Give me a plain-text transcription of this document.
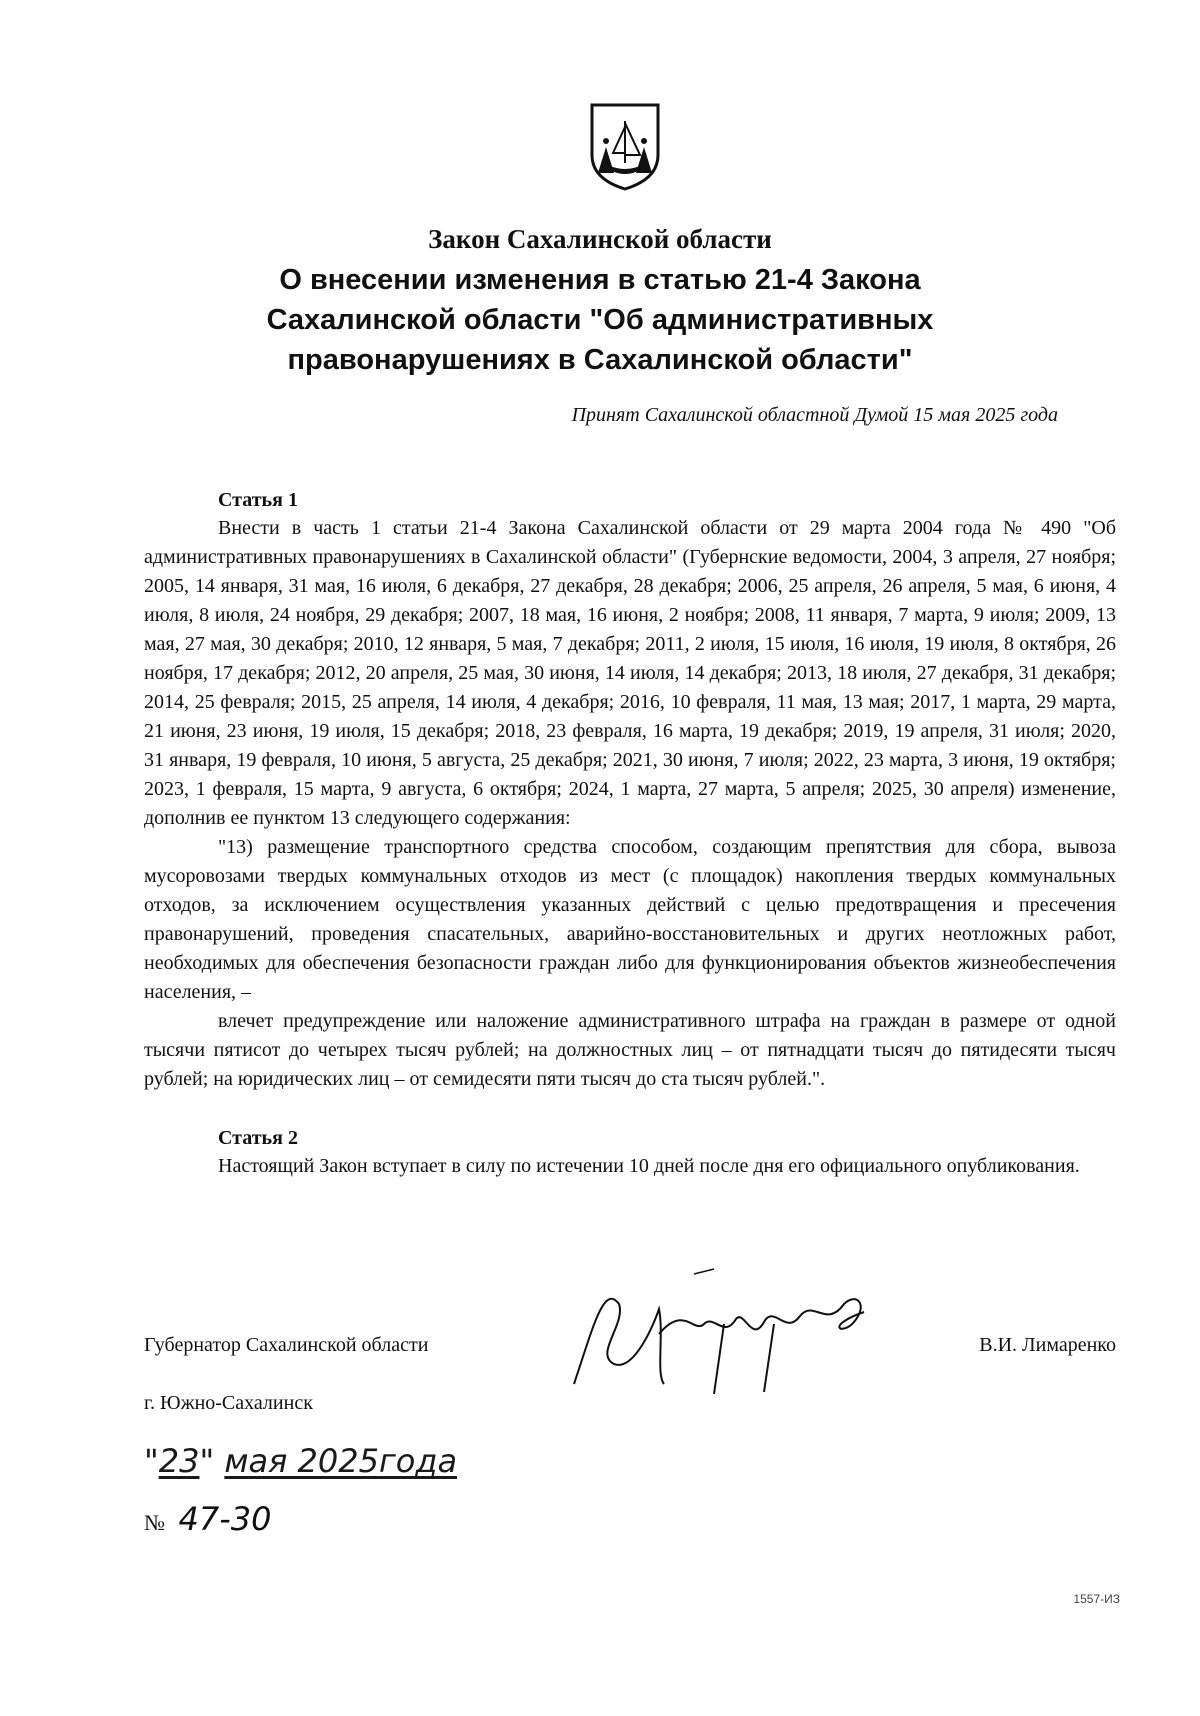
Закон Сахалинской области

О внесении изменения в статью 21-4 Закона

Сахалинской области "Об административных

правонарушениях в Сахалинской области"

Принят Сахалинской областной Думой 15 мая 2025 года

Статья 1

Внести в часть 1 статьи 21-4 Закона Сахалинской области от 29 марта 2004 года № 490 "Об административных правонарушениях в Сахалинской области" (Губернские ведомости, 2004, 3 апреля, 27 ноября; 2005, 14 января, 31 мая, 16 июля, 6 декабря, 27 декабря, 28 декабря; 2006, 25 апреля, 26 апреля, 5 мая, 6 июня, 4 июля, 8 июля, 24 ноября, 29 декабря; 2007, 18 мая, 16 июня, 2 ноября; 2008, 11 января, 7 марта, 9 июля; 2009, 13 мая, 27 мая, 30 декабря; 2010, 12 января, 5 мая, 7 декабря; 2011, 2 июля, 15 июля, 16 июля, 19 июля, 8 октября, 26 ноября, 17 декабря; 2012, 20 апреля, 25 мая, 30 июня, 14 июля, 14 декабря; 2013, 18 июля, 27 декабря, 31 декабря; 2014, 25 февраля; 2015, 25 апреля, 14 июля, 4 декабря; 2016, 10 февраля, 11 мая, 13 мая; 2017, 1 марта, 29 марта, 21 июня, 23 июня, 19 июля, 15 декабря; 2018, 23 февраля, 16 марта, 19 декабря; 2019, 19 апреля, 31 июля; 2020, 31 января, 19 февраля, 10 июня, 5 августа, 25 декабря; 2021, 30 июня, 7 июля; 2022, 23 марта, 3 июня, 19 октября; 2023, 1 февраля, 15 марта, 9 августа, 6 октября; 2024, 1 марта, 27 марта, 5 апреля; 2025, 30 апреля) изменение, дополнив ее пунктом 13 следующего содержания:

"13) размещение транспортного средства способом, создающим препятствия для сбора, вывоза мусоровозами твердых коммунальных отходов из мест (с площадок) накопления твердых коммунальных отходов, за исключением осуществления указанных действий с целью предотвращения и пресечения правонарушений, проведения спасательных, аварийно-восстановительных и других неотложных работ, необходимых для обеспечения безопасности граждан либо для функционирования объектов жизнеобеспечения населения, –

влечет предупреждение или наложение административного штрафа на граждан в размере от одной тысячи пятисот до четырех тысяч рублей; на должностных лиц – от пятнадцати тысяч до пятидесяти тысяч рублей; на юридических лиц – от семидесяти пяти тысяч до ста тысяч рублей.".

Статья 2

Настоящий Закон вступает в силу по истечении 10 дней после дня его официального опубликования.

Губернатор Сахалинской области	В.И. Лимаренко
г. Южно-Сахалинск
"23" мая 2025года
№ 47-30
1557-ИЗ
